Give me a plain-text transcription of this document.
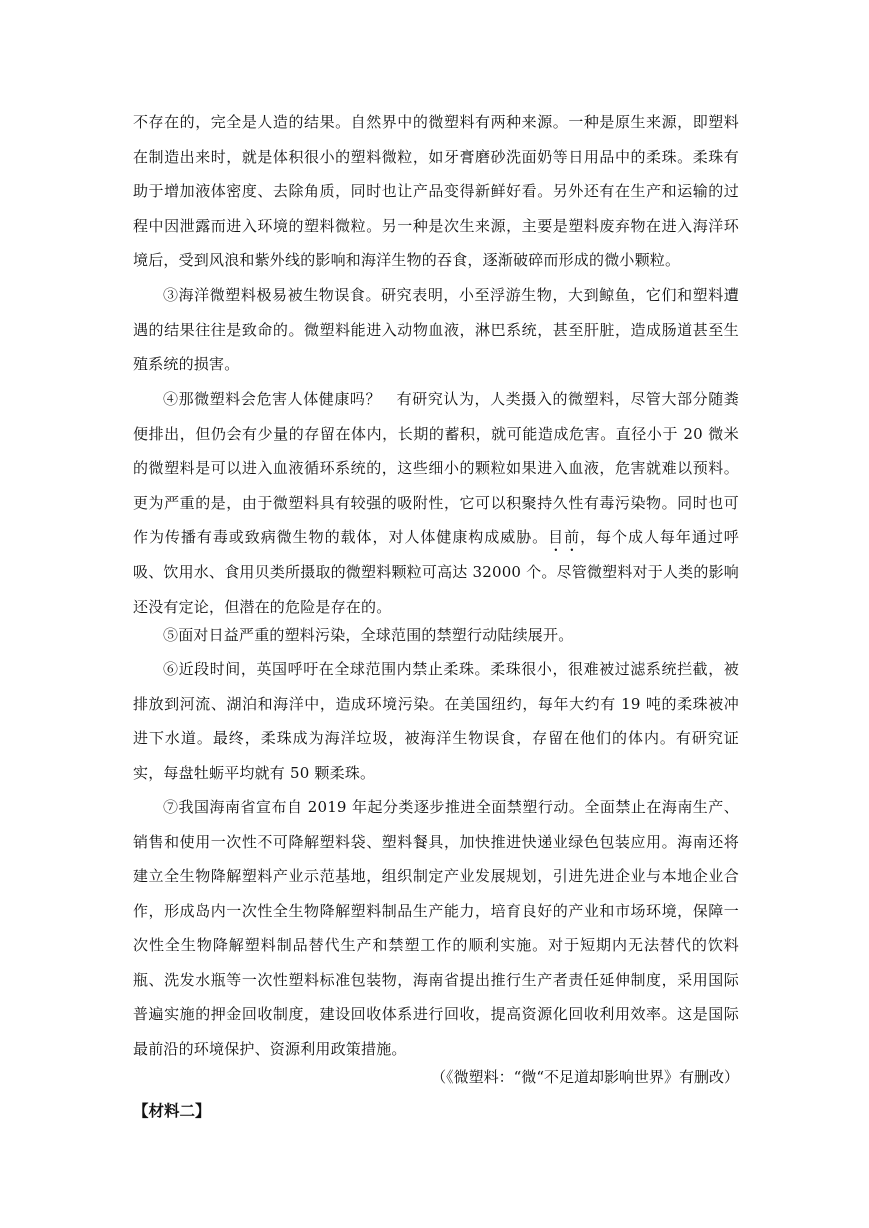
不存在的，完全是人造的结果。自然界中的微塑料有两种来源。一种是原生来源，即塑料在制造出来时，就是体积很小的塑料微粒，如牙膏磨砂洗面奶等日用品中的柔珠。柔珠有助于增加液体密度、去除角质，同时也让产品变得新鲜好看。另外还有在生产和运输的过程中因泄露而进入环境的塑料微粒。另一种是次生来源，主要是塑料废弃物在进入海洋环境后，受到风浪和紫外线的影响和海洋生物的吞食，逐渐破碎而形成的微小颗粒。

③海洋微塑料极易被生物误食。研究表明，小至浮游生物，大到鲸鱼，它们和塑料遭遇的结果往往是致命的。微塑料能进入动物血液，淋巴系统，甚至肝脏，造成肠道甚至生殖系统的损害。

④那微塑料会危害人体健康吗？　有研究认为，人类摄入的微塑料，尽管大部分随粪便排出，但仍会有少量的存留在体内，长期的蓄积，就可能造成危害。直径小于 20 微米的微塑料是可以进入血液循环系统的，这些细小的颗粒如果进入血液，危害就难以预料。更为严重的是，由于微塑料具有较强的吸附性，它可以积聚持久性有毒污染物。同时也可作为传播有毒或致病微生物的载体，对人体健康构成威胁。目前，每个成人每年通过呼吸、饮用水、食用贝类所摄取的微塑料颗粒可高达 32000 个。尽管微塑料对于人类的影响还没有定论，但潜在的危险是存在的。

⑤面对日益严重的塑料污染，全球范围的禁塑行动陆续展开。

⑥近段时间，英国呼吁在全球范围内禁止柔珠。柔珠很小，很难被过滤系统拦截，被排放到河流、湖泊和海洋中，造成环境污染。在美国纽约，每年大约有 19 吨的柔珠被冲进下水道。最终，柔珠成为海洋垃圾，被海洋生物误食，存留在他们的体内。有研究证实，每盘牡蛎平均就有 50 颗柔珠。

⑦我国海南省宣布自 2019 年起分类逐步推进全面禁塑行动。全面禁止在海南生产、销售和使用一次性不可降解塑料袋、塑料餐具，加快推进快递业绿色包装应用。海南还将建立全生物降解塑料产业示范基地，组织制定产业发展规划，引进先进企业与本地企业合作，形成岛内一次性全生物降解塑料制品生产能力，培育良好的产业和市场环境，保障一次性全生物降解塑料制品替代生产和禁塑工作的顺利实施。对于短期内无法替代的饮料瓶、洗发水瓶等一次性塑料标准包装物，海南省提出推行生产者责任延伸制度，采用国际普遍实施的押金回收制度，建设回收体系进行回收，提高资源化回收利用效率。这是国际最前沿的环境保护、资源利用政策措施。

（《微塑料：“微“不足道却影响世界》有删改）

【材料二】
